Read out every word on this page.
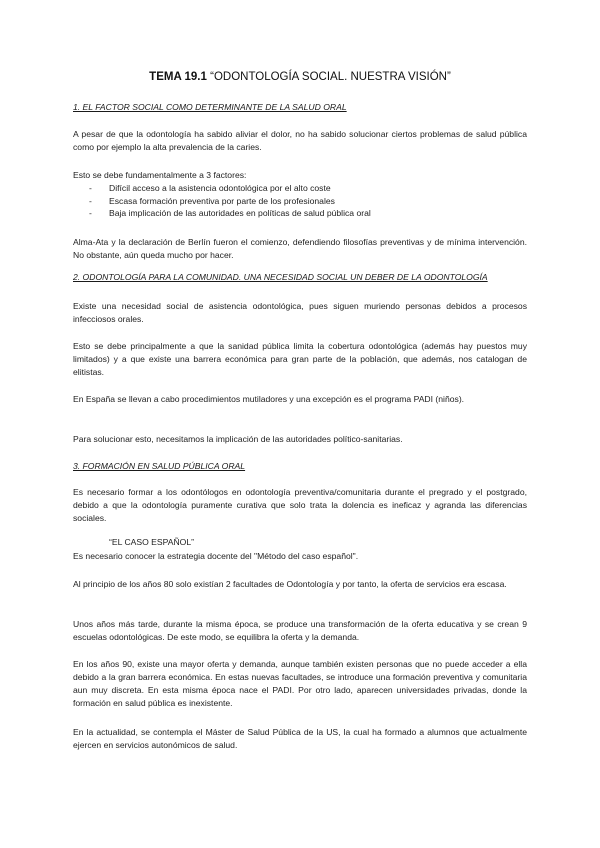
TEMA 19.1 “ODONTOLOGÍA SOCIAL. NUESTRA VISIÓN”
1. EL FACTOR SOCIAL COMO DETERMINANTE DE LA SALUD ORAL

A pesar de que la odontología ha sabido aliviar el dolor, no ha sabido solucionar ciertos problemas de salud pública como por ejemplo la alta prevalencia de la caries.

Esto se debe fundamentalmente a 3 factores:

- Difícil acceso a la asistencia odontológica por el alto coste
- Escasa formación preventiva por parte de los profesionales
- Baja implicación de las autoridades en políticas de salud pública oral

Alma-Ata y la declaración de Berlín fueron el comienzo, defendiendo filosofías preventivas y de mínima intervención. No obstante, aún queda mucho por hacer.

2. ODONTOLOGÍA PARA LA COMUNIDAD. UNA NECESIDAD SOCIAL UN DEBER DE LA ODONTOLOGÍA

Existe una necesidad social de asistencia odontológica, pues siguen muriendo personas debidos a procesos infecciosos orales.

Esto se debe principalmente a que la sanidad pública limita la cobertura odontológica (además hay puestos muy limitados) y a que existe una barrera económica para gran parte de la población, que además, nos catalogan de elitistas.

En España se llevan a cabo procedimientos mutiladores y una excepción es el programa PADI (niños).

Para solucionar esto, necesitamos la implicación de las autoridades político-sanitarias.

3. FORMACIÓN EN SALUD PÚBLICA ORAL

Es necesario formar a los odontólogos en odontología preventiva/comunitaria durante el pregrado y el postgrado, debido a que la odontología puramente curativa que solo trata la dolencia es ineficaz y agranda las diferencias sociales.

“EL CASO ESPAÑOL”

Es necesario conocer la estrategia docente del "Método del caso español".

Al principio de los años 80 solo existían 2 facultades de Odontología y por tanto, la oferta de servicios era escasa.

Unos años más tarde, durante la misma época, se produce una transformación de la oferta educativa y se crean 9 escuelas odontológicas. De este modo, se equilibra la oferta y la demanda.

En los años 90, existe una mayor oferta y demanda, aunque también existen personas que no puede acceder a ella debido a la gran barrera económica. En estas nuevas facultades, se introduce una formación preventiva y comunitaria aun muy discreta. En esta misma época nace el PADI. Por otro lado, aparecen universidades privadas, donde la formación en salud pública es inexistente.

En la actualidad, se contempla el Máster de Salud Pública de la US, la cual ha formado a alumnos que actualmente ejercen en servicios autonómicos de salud.
